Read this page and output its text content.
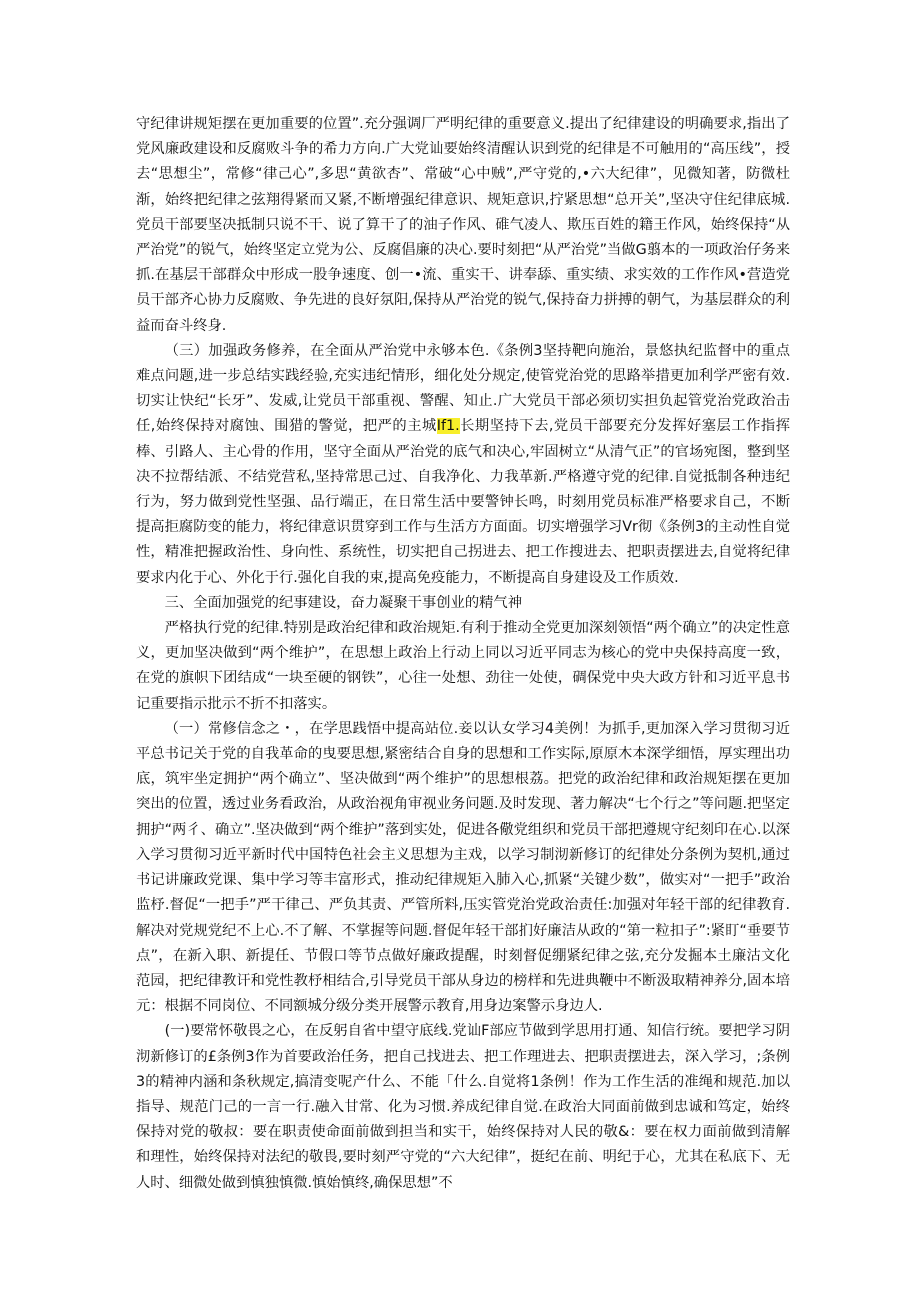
守纪律讲规矩摆在更加重要的位置”.充分强调厂严明纪律的重要意义.提出了纪律建设的明确要求,指出了党风廉政建设和反腐败斗争的希力方向.广大党讪要始终清醒认识到党的纪律是不可触用的“高压线”，授去“思想尘”，常修“律己心”,多思“黄欲杏”、常破“心中贼”,严守党的,•六大纪律”，见微知著，防微杜渐，始终把纪律之弦翔得紧而又紧,不断增强纪律意识、规矩意识,拧紧思想“总开关”,坚决守住纪律底城.党员干部要坚决抵制只说不干、说了算干了的油子作风、碓气凌人、欺压百姓的籍王作风，始终保持“从严治党”的锐气，始终坚定立党为公、反腐倡廉的决心.要时刻把“从严治党”当做G翦本的一项政治仔务来抓.在基层干部群众中形成一股争速度、创一•流、重实干、讲奉舔、重实绩、求实效的工作作风•营造党员干部齐心协力反腐败、争先进的良好氛阳,保持从严治党的锐气,保持奋力拼搏的朝气，为基层群众的利益而奋斗终身.

（三）加强政务修养，在全面从严治党中永够本色.《条例3坚持靶向施治，景悠执纪监督中的重点难点问题,进一步总结实践经验,充实违纪情形，细化处分规定,使管党治党的思路举措更加利学严密有效.切实让快纪“长牙”、发威,让党员干部重视、警醒、知止.广大党员干部必须切实担负起管党治党政治击任,始终保持对腐蚀、围猎的警觉，把严的主城If1.长期坚持下去,党员干部要充分发挥好塞层工作指挥棒、引路人、主心骨的作用，坚守全面从严治党的底气和决心,牢固树立“从清气正”的官场宛图，整到坚决不拉帮结派、不结党营私,坚持常思己过、自我净化、力我革新.严格遵守党的纪律.自觉抵制各种违纪行为，努力做到党性坚强、品行端正，在日常生活中要警钟长鸣，时刻用党员标准严格要求自己，不断提高拒腐防变的能力，将纪律意识贯穿到工作与生活方方面面。切实增强学习Vr彻《条例3的主动性自觉性，精准把握政治性、身向性、系统性，切实把自己拐进去、把工作搜进去、把职责摆进去,自觉将纪律要求内化于心、外化于行.强化自我的束,提高免疫能力，不断提高自身建设及工作质效.

三、全面加强党的纪事建设，奋力凝聚干事创业的精气神

严格执行党的纪律.特别是政治纪律和政治规矩.有利于推动全党更加深刻领悟“两个确立”的决定性意义，更加坚决做到“两个维护”，在思想上政治上行动上同以习近平同志为核心的党中央保持高度一致，在党的旗帜下团结成“一块至硬的钢铁”，心往一处想、劲往一处使，碉保党中央大政方针和习近平息书记重要指示批示不折不扣落实。

（一）常修信念之・，在学思践悟中提高站位.妾以认女学习4美例！为抓手,更加深入学习贯彻习近平总书记关于党的自我革命的曳要思想,紧密结合自身的思想和工作实际,原原木本深学细悟，厚实理出功底，筑牢坐定拥护“两个确立”、坚决做到“两个维护”的思想根荔。把党的政治纪律和政治规矩摆在更加突出的位置，透过业务看政治，从政治视角审视业务问题.及时发现、著力解决“七个行之”等问题.把坚定拥护“两彳、确立”.坚决做到“两个维护”落到实处，促进各儆党组织和党员干部把遵规守纪刻印在心.以深入学习贯彻习近平新时代中国特色社会主义思想为主戏，以学习制沏新修订的纪律处分条例为契机,通过书记讲廉政党课、集中学习等丰富形式，推动纪律规矩入肺入心,抓紧“关键少数”，做实对“一把手”政治监杼.督促“一把手”严干律己、严负其责、严管所料,压实管党治党政治责任:加强对年轻干部的纪律教育.解决对党规党纪不上心.不了解、不掌握等问题.督促年轻干部扪好廉洁从政的“第一粒扣子”:紧盯“垂要节点”，在新入职、新提任、节假口等节点做好廉政提醒，时刻督促绷紧纪律之弦,充分发掘本土廉沽文化范园，把纪律教讦和党性教杼相结合,引导党员干部从身边的榜样和先进典鞭中不断汲取精神养分,固本培元：根据不同岗位、不同额城分级分类开展警示教育,用身边案警示身边人.

(一)要常怀敬畏之心，在反躬自省中望守底线.党讪F部应节做到学思用打通、知信行统。要把学习阴沏新修订的£条例3作为首要政治任务，把自己找进去、把工作理进去、把职责摆进去，深入学习，;条例3的精神内涵和条秋规定,搞清变呢产什么、不能「什么.自觉将1条例！作为工作生活的准绳和规范.加以指导、规范门己的一言一行.融入甘常、化为习惯.养成纪律自觉.在政治大同面前做到忠诚和笃定，始终保持对党的敬叔：要在职责使命面前做到担当和实干，始终保持对人民的敬&：要在权力面前做到清解和理性，始终保持对法纪的敬畏,要时刻严守党的“六大纪律”，挺纪在前、明纪于心，尤其在私底下、无人时、细微处做到慎独慎微.慎始慎终,确保思想”不
